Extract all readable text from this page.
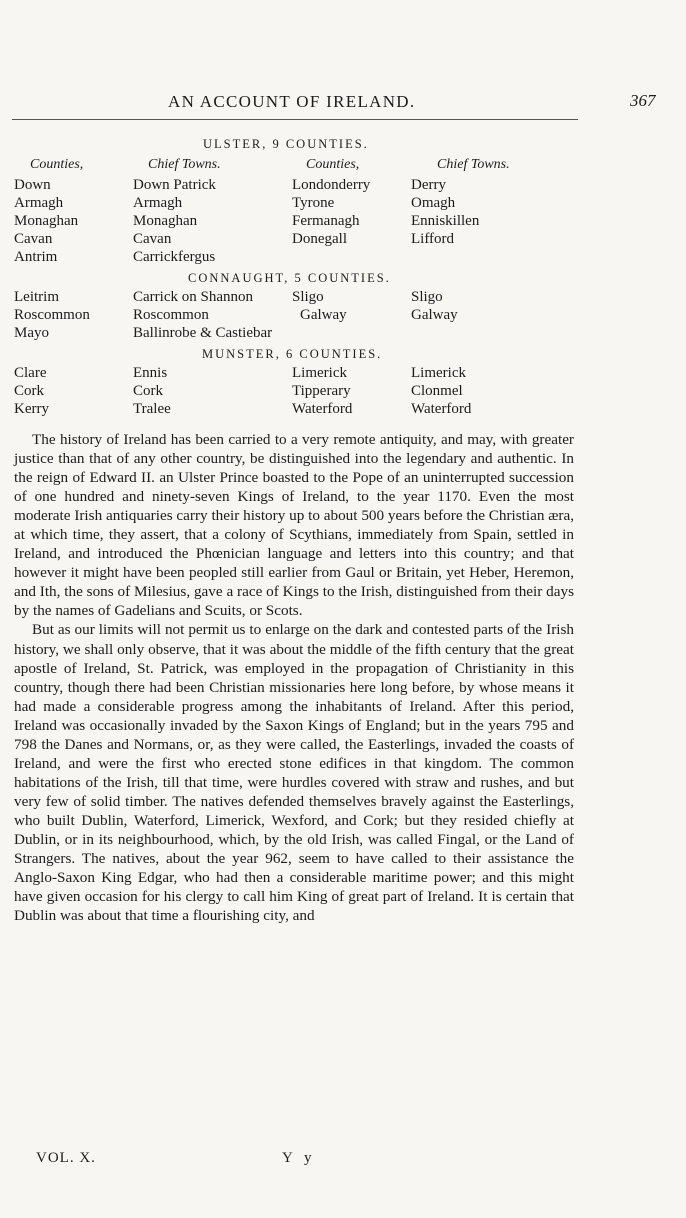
AN ACCOUNT OF IRELAND.	367
ULSTER, 9 COUNTIES.
Counties,	Chief Towns.	Counties,	Chief Towns.
Down	Down Patrick	Londonderry	Derry
Armagh	Armagh	Tyrone	Omagh
Monaghan	Monaghan	Fermanagh	Enniskillen
Cavan	Cavan	Donegall	Lifford
Antrim	Carrickfergus
CONNAUGHT, 5 COUNTIES.
Leitrim	Carrick on Shannon	Sligo	Sligo
Roscommon	Roscommon	Galway	Galway
Mayo	Ballinrobe & Castiebar
MUNSTER, 6 COUNTIES.
Clare	Ennis	Limerick	Limerick
Cork	Cork	Tipperary	Clonmel
Kerry	Tralee	Waterford	Waterford

The history of Ireland has been carried to a very remote antiquity, and may, with greater justice than that of any other country, be distinguished into the legendary and authentic. In the reign of Edward II. an Ulster Prince boasted to the Pope of an uninterrupted succession of one hundred and ninety-seven Kings of Ireland, to the year 1170. Even the most moderate Irish antiquaries carry their history up to about 500 years before the Christian æra, at which time, they assert, that a colony of Scythians, immediately from Spain, settled in Ireland, and introduced the Phœnician language and letters into this country; and that however it might have been peopled still earlier from Gaul or Britain, yet Heber, Heremon, and Ith, the sons of Milesius, gave a race of Kings to the Irish, distinguished from their days by the names of Gadelians and Scuits, or Scots.

But as our limits will not permit us to enlarge on the dark and contested parts of the Irish history, we shall only observe, that it was about the middle of the fifth century that the great apostle of Ireland, St. Patrick, was employed in the propagation of Christianity in this country, though there had been Christian missionaries here long before, by whose means it had made a considerable progress among the inhabitants of Ireland. After this period, Ireland was occasionally invaded by the Saxon Kings of England; but in the years 795 and 798 the Danes and Normans, or, as they were called, the Easterlings, invaded the coasts of Ireland, and were the first who erected stone edifices in that kingdom. The common habitations of the Irish, till that time, were hurdles covered with straw and rushes, and but very few of solid timber. The natives defended themselves bravely against the Easterlings, who built Dublin, Waterford, Limerick, Wexford, and Cork; but they resided chiefly at Dublin, or in its neighbourhood, which, by the old Irish, was called Fingal, or the Land of Strangers. The natives, about the year 962, seem to have called to their assistance the Anglo-Saxon King Edgar, who had then a considerable maritime power; and this might have given occasion for his clergy to call him King of great part of Ireland. It is certain that Dublin was about that time a flourishing city, and

VOL. X.	Y y
